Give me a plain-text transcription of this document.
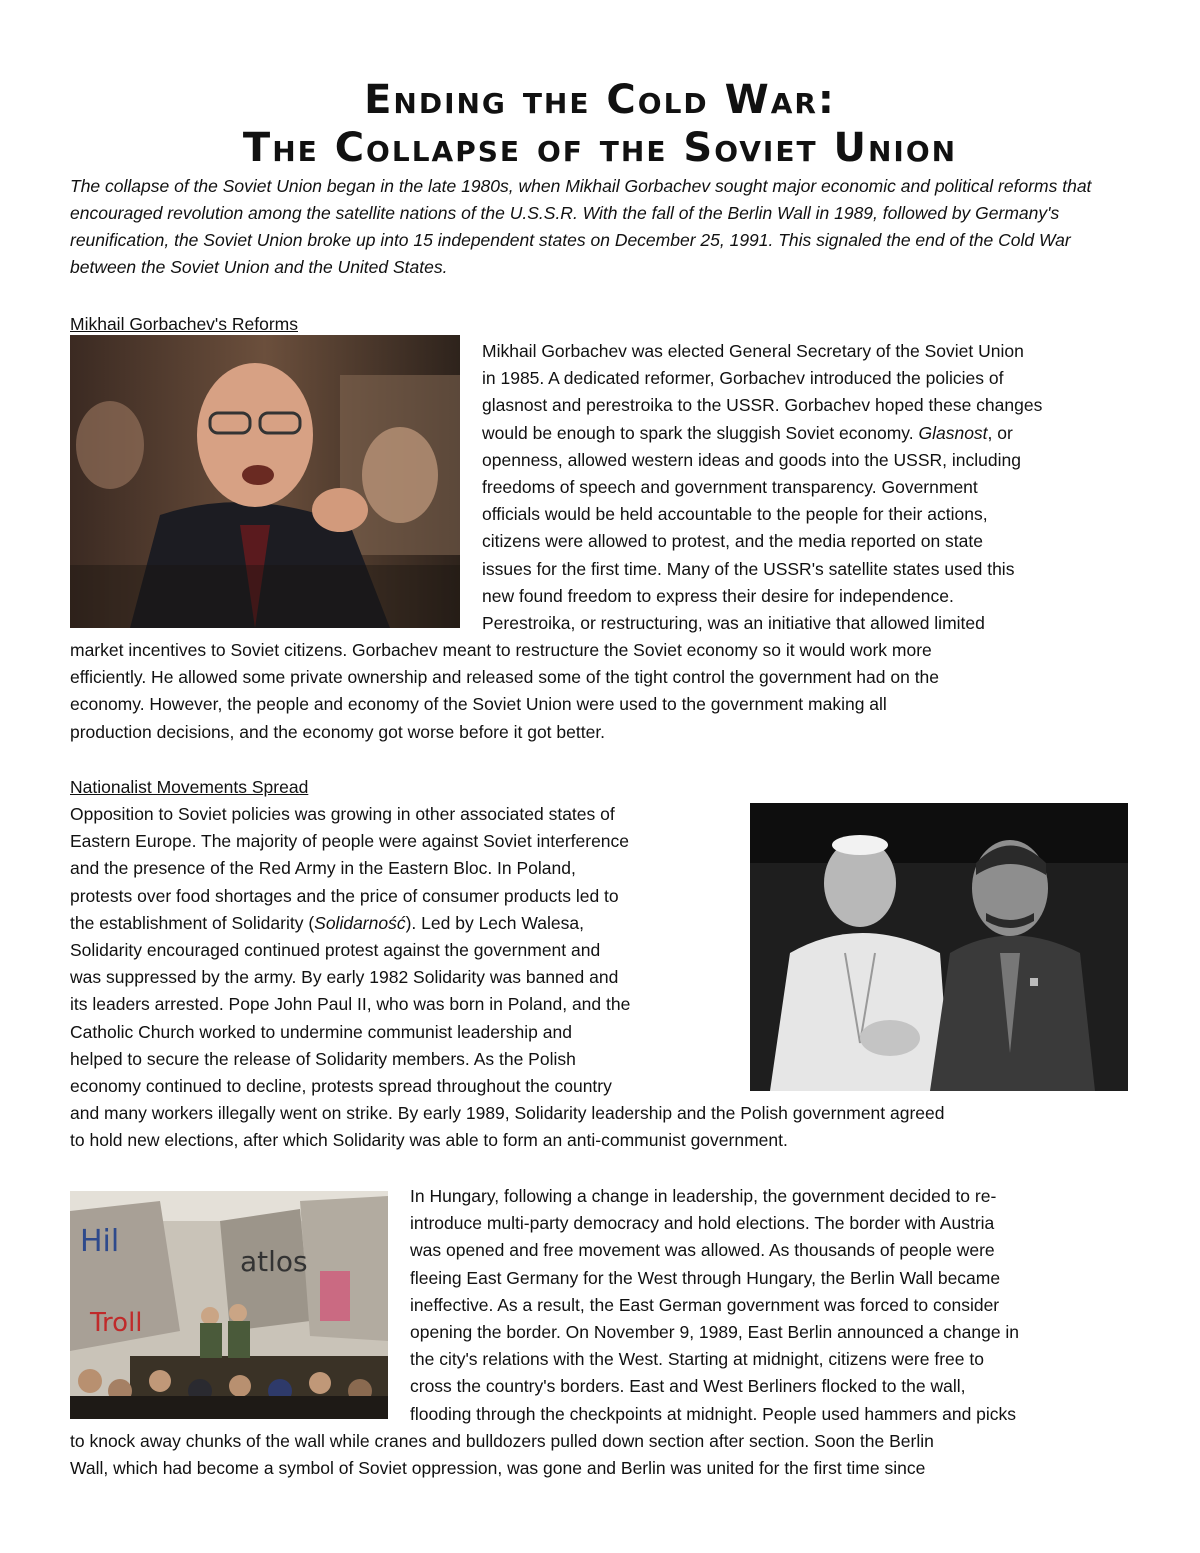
Ending the Cold War:
The Collapse of the Soviet Union
The collapse of the Soviet Union began in the late 1980s, when Mikhail Gorbachev sought major economic and political reforms that encouraged revolution among the satellite nations of the U.S.S.R. With the fall of the Berlin Wall in 1989, followed by Germany's reunification, the Soviet Union broke up into 15 independent states on December 25, 1991. This signaled the end of the Cold War between the Soviet Union and the United States.
Mikhail Gorbachev's Reforms
Mikhail Gorbachev was elected General Secretary of the Soviet Union
in 1985. A dedicated reformer, Gorbachev introduced the policies of
glasnost and perestroika to the USSR. Gorbachev hoped these changes
would be enough to spark the sluggish Soviet economy. Glasnost, or
openness, allowed western ideas and goods into the USSR, including
freedoms of speech and government transparency. Government
officials would be held accountable to the people for their actions,
citizens were allowed to protest, and the media reported on state
issues for the first time. Many of the USSR's satellite states used this
new found freedom to express their desire for independence.
Perestroika, or restructuring, was an initiative that allowed limited
market incentives to Soviet citizens. Gorbachev meant to restructure the Soviet economy so it would work more
efficiently. He allowed some private ownership and released some of the tight control the government had on the
economy. However, the people and economy of the Soviet Union were used to the government making all
production decisions, and the economy got worse before it got better.
Nationalist Movements Spread
Opposition to Soviet policies was growing in other associated states of
Eastern Europe. The majority of people were against Soviet interference
and the presence of the Red Army in the Eastern Bloc. In Poland,
protests over food shortages and the price of consumer products led to
the establishment of Solidarity (Solidarność). Led by Lech Walesa,
Solidarity encouraged continued protest against the government and
was suppressed by the army. By early 1982 Solidarity was banned and
its leaders arrested. Pope John Paul II, who was born in Poland, and the
Catholic Church worked to undermine communist leadership and
helped to secure the release of Solidarity members. As the Polish
economy continued to decline, protests spread throughout the country
and many workers illegally went on strike. By early 1989, Solidarity leadership and the Polish government agreed
to hold new elections, after which Solidarity was able to form an anti-communist government.
Hil
atlos
Troll
In Hungary, following a change in leadership, the government decided to re-
introduce multi-party democracy and hold elections. The border with Austria
was opened and free movement was allowed. As thousands of people were
fleeing East Germany for the West through Hungary, the Berlin Wall became
ineffective. As a result, the East German government was forced to consider
opening the border. On November 9, 1989, East Berlin announced a change in
the city's relations with the West. Starting at midnight, citizens were free to
cross the country's borders. East and West Berliners flocked to the wall,
flooding through the checkpoints at midnight. People used hammers and picks
to knock away chunks of the wall while cranes and bulldozers pulled down section after section. Soon the Berlin
Wall, which had become a symbol of Soviet oppression, was gone and Berlin was united for the first time since
